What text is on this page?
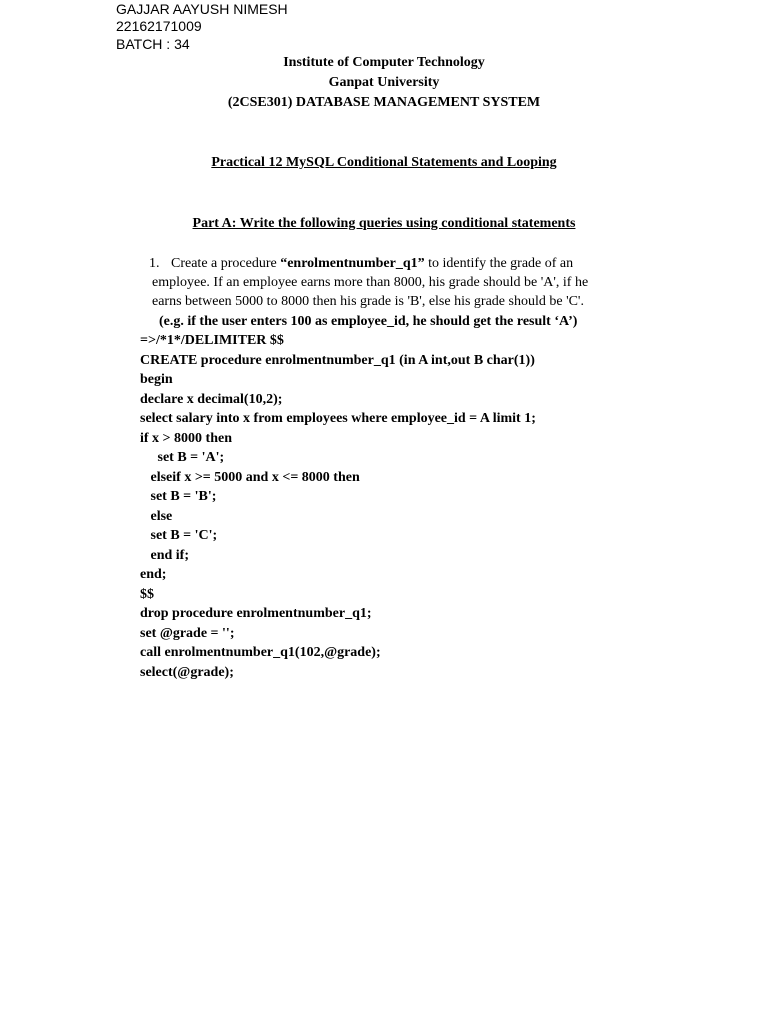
GAJJAR AAYUSH NIMESH
22162171009
BATCH : 34
Institute of Computer Technology
Ganpat University
(2CSE301) DATABASE MANAGEMENT SYSTEM
Practical 12 MySQL Conditional Statements and Looping
Part A: Write the following queries using conditional statements
1. Create a procedure “enrolmentnumber_q1” to identify the grade of an
employee. If an employee earns more than 8000, his grade should be 'A', if he
earns between 5000 to 8000 then his grade is 'B', else his grade should be 'C'.
(e.g. if the user enters 100 as employee_id, he should get the result ‘A’)
=>/*1*/DELIMITER $$
CREATE procedure enrolmentnumber_q1 (in A int,out B char(1))
begin
declare x decimal(10,2);
select salary into x from employees where employee_id = A limit 1;
if x > 8000 then
set B = 'A';
elseif x >= 5000 and x <= 8000 then
set B = 'B';
else
set B = 'C';
end if;
end;
$$
drop procedure enrolmentnumber_q1;
set @grade = '';
call enrolmentnumber_q1(102,@grade);
select(@grade);
